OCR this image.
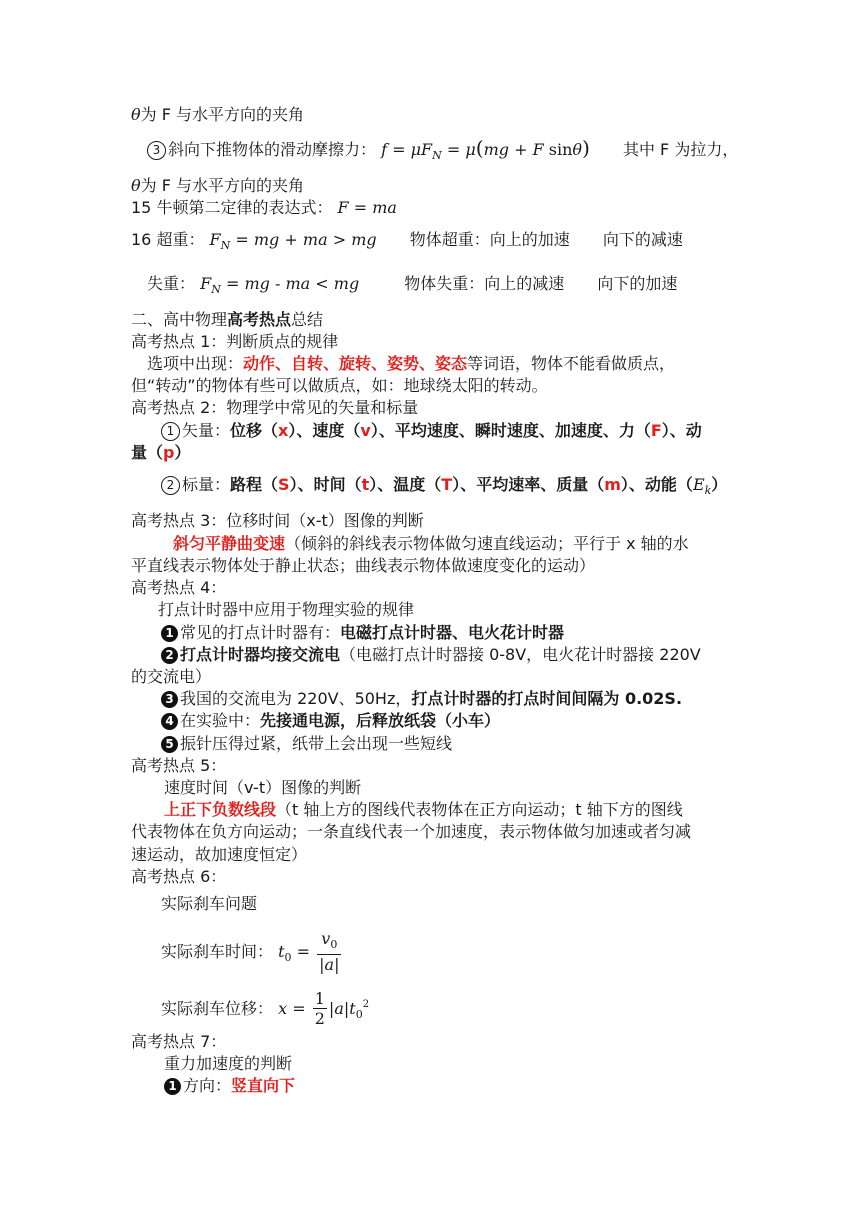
θ为 F 与水平方向的夹角
3 斜向下推物体的滑动摩擦力： $f = \mu F_N = \mu(mg + F$ sinθ) 其中 F 为拉力，
θ为 F 与水平方向的夹角
15 牛顿第二定律的表达式： F = ma
16 超重： $F_N$ = mg + ma > mg 物体超重：向上的加速 向下的减速
失重： $F_N$ = mg - ma < mg	物体失重：向上的减速 向下的加速
二、高中物理高考热点总结
高考热点 1：判断质点的规律
选项中出现：动作、自转、旋转、姿势、姿态等词语，物体不能看做质点，
但“转动”的物体有些可以做质点，如：地球绕太阳的转动。
高考热点 2：物理学中常见的矢量和标量
1 矢量：位移（x）、速度（v）、平均速度、瞬时速度、加速度、力（F）、动
量（p）
2 标量：路程（S）、时间（t）、温度（T）、平均速率、质量（m）、动能$(E_k)$
高考热点 3：位移时间（x-t）图像的判断
斜匀平静曲变速（倾斜的斜线表示物体做匀速直线运动；平行于 x 轴的水
平直线表示物体处于静止状态；曲线表示物体做速度变化的运动）
高考热点 4：
打点计时器中应用于物理实验的规律
1 常见的打点计时器有：电磁打点计时器、电火花计时器
2 打点计时器均接交流电（电磁打点计时器接 0-8V，电火花计时器接 220V
的交流电）
3 我国的交流电为 220V、50Hz，打点计时器的打点时间间隔为 0.02S.
4 在实验中：先接通电源，后释放纸袋（小车）
5 振针压得过紧，纸带上会出现一些短线
高考热点 5：
速度时间（v-t）图像的判断
上正下负数线段（t 轴上方的图线代表物体在正方向运动；t 轴下方的图线
代表物体在负方向运动；一条直线代表一个加速度，表示物体做匀加速或者匀减
速运动，故加速度恒定）
高考热点 6：
实际刹车问题
实际刹车时间： $t_0 = \frac{v_0}{|a|}$
实际刹车位移： $x = \frac{1}{2} |a|t_0^2$
高考热点 7：
重力加速度的判断
1 方向：竖直向下
